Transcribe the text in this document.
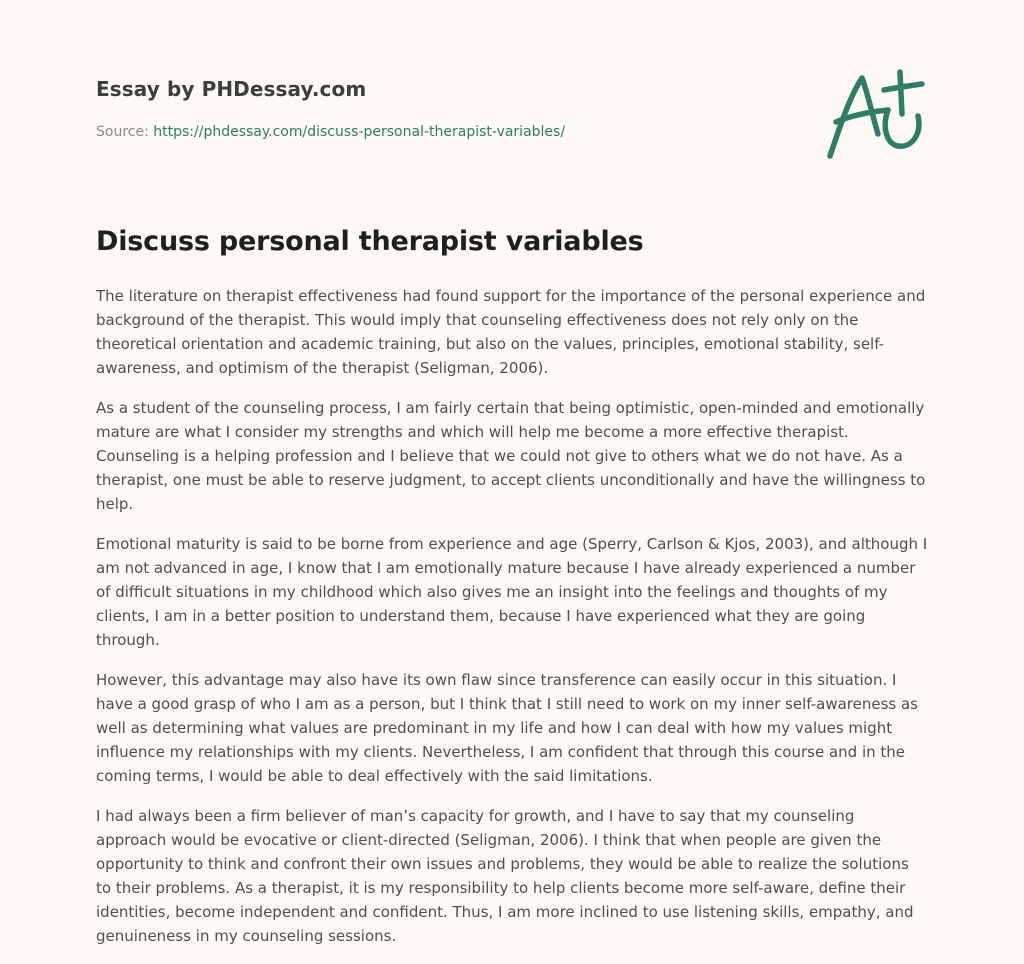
Essay by PHDessay.com
Source: https://phdessay.com/discuss-personal-therapist-variables/
Discuss personal therapist variables

The literature on therapist effectiveness had found support for the importance of the personal experience and background of the therapist. This would imply that counseling effectiveness does not rely only on the theoretical orientation and academic training, but also on the values, principles, emotional stability, self-awareness, and optimism of the therapist (Seligman, 2006).

As a student of the counseling process, I am fairly certain that being optimistic, open-minded and emotionally mature are what I consider my strengths and which will help me become a more effective therapist. Counseling is a helping profession and I believe that we could not give to others what we do not have. As a therapist, one must be able to reserve judgment, to accept clients unconditionally and have the willingness to help.

Emotional maturity is said to be borne from experience and age (Sperry, Carlson & Kjos, 2003), and although I am not advanced in age, I know that I am emotionally mature because I have already experienced a number of difficult situations in my childhood which also gives me an insight into the feelings and thoughts of my clients, I am in a better position to understand them, because I have experienced what they are going through.

However, this advantage may also have its own flaw since transference can easily occur in this situation. I have a good grasp of who I am as a person, but I think that I still need to work on my inner self-awareness as well as determining what values are predominant in my life and how I can deal with how my values might influence my relationships with my clients. Nevertheless, I am confident that through this course and in the coming terms, I would be able to deal effectively with the said limitations.

I had always been a firm believer of man’s capacity for growth, and I have to say that my counseling approach would be evocative or client-directed (Seligman, 2006). I think that when people are given the opportunity to think and confront their own issues and problems, they would be able to realize the solutions to their problems. As a therapist, it is my responsibility to help clients become more self-aware, define their identities, become independent and confident. Thus, I am more inclined to use listening skills, empathy, and genuineness in my counseling sessions.
